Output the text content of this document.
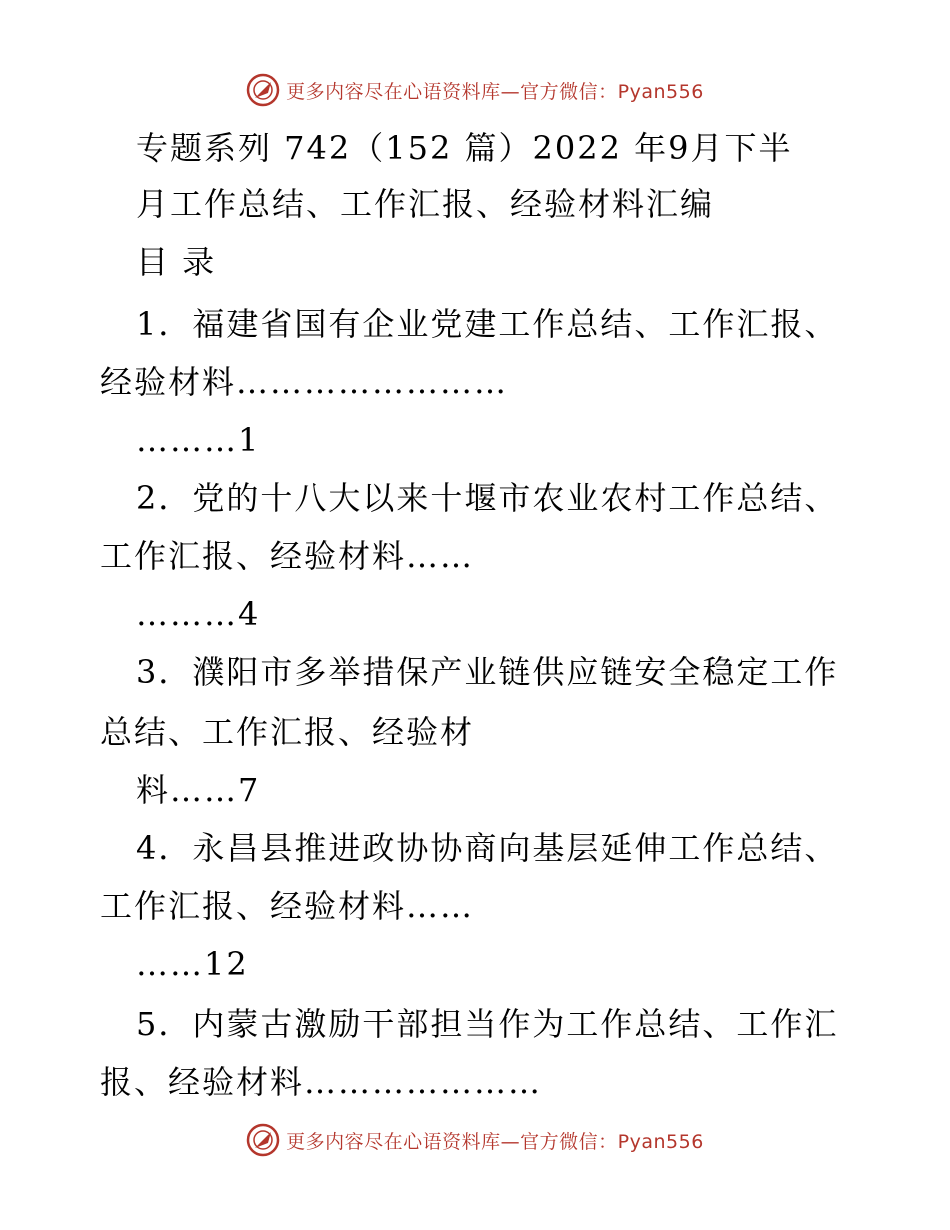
更多内容尽在心语资料库—官方微信：Pyan556
专题系列 742（152 篇）2022 年9月下半
月工作总结、工作汇报、经验材料汇编
目 录
1．福建省国有企业党建工作总结、工作汇报、
经验材料……………………
………1
2．党的十八大以来十堰市农业农村工作总结、
工作汇报、经验材料……
………4
3．濮阳市多举措保产业链供应链安全稳定工作
总结、工作汇报、经验材
料……7
4．永昌县推进政协协商向基层延伸工作总结、
工作汇报、经验材料……
……12
5．内蒙古激励干部担当作为工作总结、工作汇
报、经验材料…………………
更多内容尽在心语资料库—官方微信：Pyan556
